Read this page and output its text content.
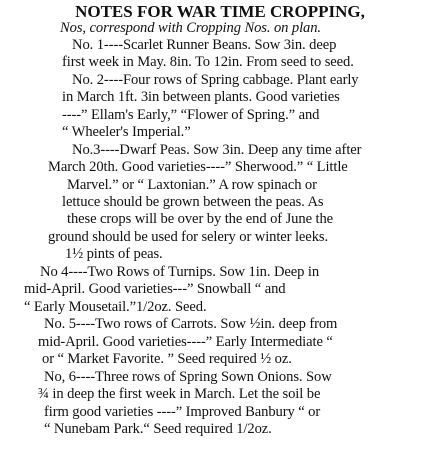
NOTES FOR WAR TIME CROPPING,
Nos, correspond with Cropping Nos. on plan.
No. 1----Scarlet Runner Beans. Sow 3in. deep
first week in May. 8in. To 12in. From seed to seed.
No. 2----Four rows of Spring cabbage. Plant early
in March 1ft. 3in between plants. Good varieties
----” Ellam's Early,” “Flower of Spring.” and
“ Wheeler's Imperial.”
No.3----Dwarf Peas. Sow 3in. Deep any time after
March 20th. Good varieties----” Sherwood.” “ Little
Marvel.” or “ Laxtonian.” A row spinach or
lettuce should be grown between the peas. As
these crops will be over by the end of June the
ground should be used for selery or winter leeks.
1½ pints of peas.
No 4----Two Rows of Turnips. Sow 1in. Deep in
mid-April. Good varieties---” Snowball “ and
“ Early Mousetail.”1/2oz. Seed.
No. 5----Two rows of Carrots. Sow ½in. deep from
mid-April. Good varieties----” Early Intermediate “
or “ Market Favorite. ” Seed required ½ oz.
No, 6----Three rows of Spring Sown Onions. Sow
¾ in deep the first week in March. Let the soil be
firm good varieties ----” Improved Banbury “ or
“ Nunebam Park.“ Seed required 1/2oz.
